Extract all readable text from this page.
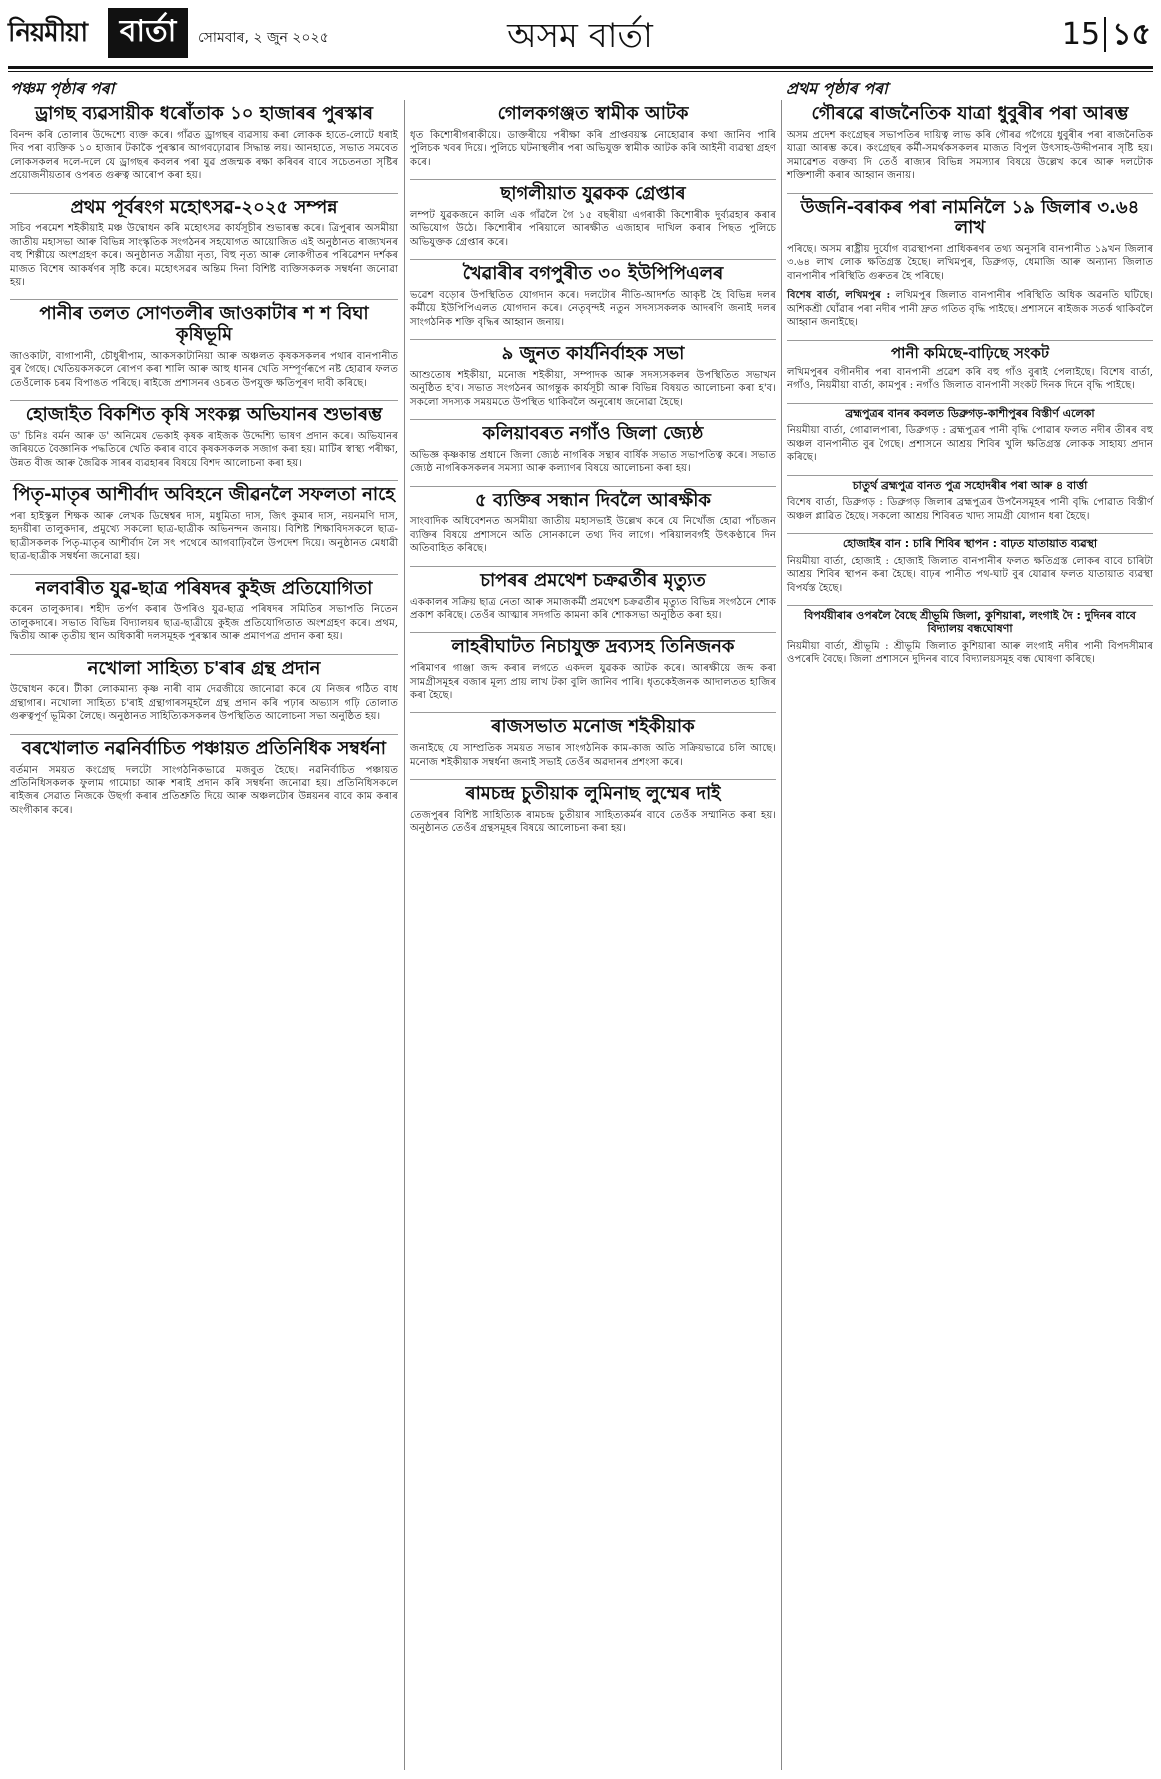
নিয়মীয়া	বাৰ্তা	সোমবাৰ, ২ জুন ২০২৫	অসম বাৰ্তা	15 ১৫
পঞ্চম পৃষ্ঠাৰ পৰা	প্ৰথম পৃষ্ঠাৰ পৰা
ড্ৰাগছ ব্যৱসায়ীক ধৰোঁতাক ১০ হাজাৰৰ পুৰস্কাৰ

বিনন্দ কৰি তোলাৰ উদ্দেশ্যে ব্যক্ত কৰে। গাঁৱত ড্ৰাগছৰ ব্যৱসায় কৰা লোকক হাতে-লোটে ধৰাই দিব পৰা ব্যক্তিক ১০ হাজাৰ টকাকৈ পুৰস্কাৰ আগবঢ়োৱাৰ সিদ্ধান্ত লয়। আনহাতে, সভাত সমবেত লোকসকলৰ দলে-দলে যে ড্ৰাগছৰ কবলৰ পৰা যুৱ প্ৰজন্মক ৰক্ষা কৰিবৰ বাবে সচেতনতা সৃষ্টিৰ প্ৰয়োজনীয়তাৰ ওপৰত গুৰুত্ব আৰোপ কৰা হয়।

প্ৰথম পূৰ্বৰংগ মহোৎসৱ-২০২৫ সম্পন্ন

সচিব পৰমেশ শইকীয়াই মঞ্চ উদ্বোধন কৰি মহোৎসৱ কাৰ্যসূচীৰ শুভাৰম্ভ কৰে। ত্ৰিপুৰাৰ অসমীয়া জাতীয় মহাসভা আৰু বিভিন্ন সাংস্কৃতিক সংগঠনৰ সহযোগত আয়োজিত এই অনুষ্ঠানত ৰাজ্যখনৰ বহু শিল্পীয়ে অংশগ্ৰহণ কৰে। অনুষ্ঠানত সত্ৰীয়া নৃত্য, বিহু নৃত্য আৰু লোকগীতৰ পৰিৱেশন দৰ্শকৰ মাজত বিশেষ আকৰ্ষণৰ সৃষ্টি কৰে। মহোৎসৱৰ অন্তিম দিনা বিশিষ্ট ব্যক্তিসকলক সম্বৰ্ধনা জনোৱা হয়।

পানীৰ তলত সোণতলীৰ জাওকাটাৰ শ শ বিঘা কৃষিভূমি

জাওকাটা, বাগাপানী, চৌধুৰীপাম, আকসকাটানিয়া আৰু অঞ্চলত কৃষকসকলৰ পথাৰ বানপানীত বুৰ গৈছে। খেতিয়কসকলে ৰোপণ কৰা শালি আৰু আহু ধানৰ খেতি সম্পূৰ্ণৰূপে নষ্ট হোৱাৰ ফলত তেওঁলোক চৰম বিপাঙত পৰিছে। ৰাইজে প্ৰশাসনৰ ওচৰত উপযুক্ত ক্ষতিপূৰণ দাবী কৰিছে।

হোজাইত বিকশিত কৃষি সংকল্প অভিযানৰ শুভাৰম্ভ

ড' চিনিঃ বৰ্মন আৰু ড' অনিমেষ ভেকাই কৃষক ৰাইজক উদ্দেশ্যি ভাষণ প্ৰদান কৰে। অভিযানৰ জৰিয়তে বৈজ্ঞানিক পদ্ধতিৰে খেতি কৰাৰ বাবে কৃষকসকলক সজাগ কৰা হয়। মাটিৰ স্বাস্থ্য পৰীক্ষা, উন্নত বীজ আৰু জৈৱিক সাৰৰ ব্যৱহাৰৰ বিষয়ে বিশদ আলোচনা কৰা হয়।

পিতৃ-মাতৃৰ আশীৰ্বাদ অবিহনে জীৱনলৈ সফলতা নাহে

পৰা হাইস্কুল শিক্ষক আৰু লেখক ডিম্বেশ্বৰ দাস, মধুমিতা দাস, জিৎ কুমাৰ দাস, নয়নমণি দাস, হৃদয়ীৰা তালুকদাৰ, প্ৰমুখ্যে সকলো ছাত্ৰ-ছাত্ৰীক অভিনন্দন জনায়। বিশিষ্ট শিক্ষাবিদসকলে ছাত্ৰ-ছাত্ৰীসকলক পিতৃ-মাতৃৰ আশীৰ্বাদ লৈ সৎ পথেৰে আগবাঢ়িবলৈ উপদেশ দিয়ে। অনুষ্ঠানত মেধাৱী ছাত্ৰ-ছাত্ৰীক সম্বৰ্ধনা জনোৱা হয়।

নলবাৰীত যুৱ-ছাত্ৰ পৰিষদৰ কুইজ প্ৰতিযোগিতা

কৰেন তালুকদাৰ। শহীদ তৰ্পণ কৰাৰ উপৰিও যুৱ-ছাত্ৰ পৰিষদৰ সমিতিৰ সভাপতি নিতেন তালুকদাৰে। সভাত বিভিন্ন বিদ্যালয়ৰ ছাত্ৰ-ছাত্ৰীয়ে কুইজ প্ৰতিযোগিতাত অংশগ্ৰহণ কৰে। প্ৰথম, দ্বিতীয় আৰু তৃতীয় স্থান অধিকাৰী দলসমূহক পুৰস্কাৰ আৰু প্ৰমাণপত্ৰ প্ৰদান কৰা হয়।

নখোলা সাহিত্য চ'ৰাৰ গ্ৰন্থ প্ৰদান

উদ্বোধন কৰে। টীকা লোকমান্য কৃষ্ণ নাৰী বাম দেৱজীয়ে জানোৱা কৰে যে নিজৰ গঠিত বাধ গ্ৰন্থাগাৰ। নখোলা সাহিত্য চ'ৰাই গ্ৰন্থাগাৰসমূহলৈ গ্ৰন্থ প্ৰদান কৰি পঢ়াৰ অভ্যাস গঢ়ি তোলাত গুৰুত্বপূৰ্ণ ভূমিকা লৈছে। অনুষ্ঠানত সাহিত্যিকসকলৰ উপস্থিতিত আলোচনা সভা অনুষ্ঠিত হয়।

বৰখোলাত নৱনিৰ্বাচিত পঞ্চায়ত প্ৰতিনিধিক সম্বৰ্ধনা

বৰ্তমান সময়ত কংগ্ৰেছ দলটো সাংগঠনিকভাৱে মজবুত হৈছে। নৱনিৰ্বাচিত পঞ্চায়ত প্ৰতিনিধিসকলক ফুলাম গামোচা আৰু শৰাই প্ৰদান কৰি সম্বৰ্ধনা জনোৱা হয়। প্ৰতিনিধিসকলে ৰাইজৰ সেৱাত নিজকে উছৰ্গা কৰাৰ প্ৰতিশ্ৰুতি দিয়ে আৰু অঞ্চলটোৰ উন্নয়নৰ বাবে কাম কৰাৰ অংগীকাৰ কৰে।

গোলকগঞ্জত স্বামীক আটক

ধৃত কিশোৰীগৰাকীয়ে। ডাক্তৰীয়ে পৰীক্ষা কৰি প্ৰাপ্তবয়স্ক নোহোৱাৰ কথা জানিব পাৰি পুলিচক খবৰ দিয়ে। পুলিচে ঘটনাস্থলীৰ পৰা অভিযুক্ত স্বামীক আটক কৰি আইনী ব্যৱস্থা গ্ৰহণ কৰে।

ছাগলীয়াত যুৱকক গ্ৰেপ্তাৰ

লম্পট যুৱকজনে কালি এক গাঁৱলৈ গৈ ১৫ বছৰীয়া এগৰাকী কিশোৰীক দুৰ্ব্যৱহাৰ কৰাৰ অভিযোগ উঠে। কিশোৰীৰ পৰিয়ালে আৰক্ষীত এজাহাৰ দাখিল কৰাৰ পিছত পুলিচে অভিযুক্তক গ্ৰেপ্তাৰ কৰে।

খৈৱাৰীৰ বগপুৰীত ৩০ ইউপিপিএলৰ

ভৱেশ বড়োৰ উপস্থিতিত যোগদান কৰে। দলটোৰ নীতি-আদৰ্শত আকৃষ্ট হৈ বিভিন্ন দলৰ কৰ্মীয়ে ইউপিপিএলত যোগদান কৰে। নেতৃবৃন্দই নতুন সদস্যসকলক আদৰণি জনাই দলৰ সাংগঠনিক শক্তি বৃদ্ধিৰ আহ্বান জনায়।

৯ জুনত কাৰ্যনিৰ্বাহক সভা

আশুতোষ শইকীয়া, মনোজ শইকীয়া, সম্পাদক আৰু সদস্যসকলৰ উপস্থিতিত সভাখন অনুষ্ঠিত হ'ব। সভাত সংগঠনৰ আগন্তুক কাৰ্যসূচী আৰু বিভিন্ন বিষয়ত আলোচনা কৰা হ'ব। সকলো সদস্যক সময়মতে উপস্থিত থাকিবলৈ অনুৰোধ জনোৱা হৈছে।

কলিয়াবৰত নগাঁও জিলা জ্যেষ্ঠ

অভিজ্ঞ কৃষ্ণকান্ত প্ৰধানে জিলা জ্যেষ্ঠ নাগৰিক সন্থাৰ বাৰ্ষিক সভাত সভাপতিত্ব কৰে। সভাত জ্যেষ্ঠ নাগৰিকসকলৰ সমস্যা আৰু কল্যাণৰ বিষয়ে আলোচনা কৰা হয়।

৫ ব্যক্তিৰ সন্ধান দিবলৈ আৰক্ষীক

সাংবাদিক অধিবেশনত অসমীয়া জাতীয় মহাসভাই উল্লেখ কৰে যে নিখোঁজ হোৱা পাঁচজন ব্যক্তিৰ বিষয়ে প্ৰশাসনে অতি সোনকালে তথ্য দিব লাগে। পৰিয়ালবৰ্গই উৎকণ্ঠাৰে দিন অতিবাহিত কৰিছে।

চাপৰৰ প্ৰমথেশ চক্ৰৱৰ্তীৰ মৃত্যুত

এককালৰ সক্ৰিয় ছাত্ৰ নেতা আৰু সমাজকৰ্মী প্ৰমথেশ চক্ৰৱৰ্তীৰ মৃত্যুত বিভিন্ন সংগঠনে শোক প্ৰকাশ কৰিছে। তেওঁৰ আত্মাৰ সদগতি কামনা কৰি শোকসভা অনুষ্ঠিত কৰা হয়।

লাহৰীঘাটত নিচাযুক্ত দ্ৰব্যসহ তিনিজনক

পৰিমাণৰ গাঞ্জা জব্দ কৰাৰ লগতে একদল যুৱকক আটক কৰে। আৰক্ষীয়ে জব্দ কৰা সামগ্ৰীসমূহৰ বজাৰ মূল্য প্ৰায় লাখ টকা বুলি জানিব পাৰি। ধৃতকেইজনক আদালতত হাজিৰ কৰা হৈছে।

ৰাজসভাত মনোজ শইকীয়াক

জনাইছে যে সাম্প্ৰতিক সময়ত সভাৰ সাংগঠনিক কাম-কাজ অতি সক্ৰিয়ভাৱে চলি আছে। মনোজ শইকীয়াক সম্বৰ্ধনা জনাই সভাই তেওঁৰ অৱদানৰ প্ৰশংসা কৰে।

ৰামচন্দ্ৰ চুতীয়াক লুমিনাছ লুম্মেৰ দাই

তেজপুৰৰ বিশিষ্ট সাহিত্যিক ৰামচন্দ্ৰ চুতীয়াৰ সাহিত্যকৰ্মৰ বাবে তেওঁক সম্মানিত কৰা হয়। অনুষ্ঠানত তেওঁৰ গ্ৰন্থসমূহৰ বিষয়ে আলোচনা কৰা হয়।

গৌৰৱে ৰাজনৈতিক যাত্ৰা ধুবুৰীৰ পৰা আৰম্ভ

অসম প্ৰদেশ কংগ্ৰেছৰ সভাপতিৰ দায়িত্ব লাভ কৰি গৌৰৱ গগৈয়ে ধুবুৰীৰ পৰা ৰাজনৈতিক যাত্ৰা আৰম্ভ কৰে। কংগ্ৰেছৰ কৰ্মী-সমৰ্থকসকলৰ মাজত বিপুল উৎসাহ-উদ্দীপনাৰ সৃষ্টি হয়। সমাৱেশত বক্তব্য দি তেওঁ ৰাজ্যৰ বিভিন্ন সমস্যাৰ বিষয়ে উল্লেখ কৰে আৰু দলটোক শক্তিশালী কৰাৰ আহ্বান জনায়।

উজনি-বৰাকৰ পৰা নামনিলৈ ১৯ জিলাৰ ৩.৬৪ লাখ

পৰিছে। অসম ৰাষ্ট্ৰীয় দুৰ্যোগ ব্যৱস্থাপনা প্ৰাধিকৰণৰ তথ্য অনুসৰি বানপানীত ১৯খন জিলাৰ ৩.৬৪ লাখ লোক ক্ষতিগ্ৰস্ত হৈছে। লখিমপুৰ, ডিব্ৰুগড়, ধেমাজি আৰু অন্যান্য জিলাত বানপানীৰ পৰিস্থিতি গুৰুতৰ হৈ পৰিছে।

বিশেষ বাৰ্তা, লখিমপুৰ : লখিমপুৰ জিলাত বানপানীৰ পৰিস্থিতি অধিক অৱনতি ঘটিছে। অশিকশ্ৰী ঘোঁৱাৰ পৰা নদীৰ পানী দ্ৰুত গতিত বৃদ্ধি পাইছে। প্ৰশাসনে ৰাইজক সতৰ্ক থাকিবলৈ আহ্বান জনাইছে।

পানী কমিছে-বাঢ়িছে সংকট

লখিমপুৰৰ বগীনদীৰ পৰা বানপানী প্ৰৱেশ কৰি বহু গাঁও বুৰাই পেলাইছে। বিশেষ বাৰ্তা, নগাঁও, নিয়মীয়া বাৰ্তা, কামপুৰ : নগাঁও জিলাত বানপানী সংকট দিনক দিনে বৃদ্ধি পাইছে।

ব্ৰহ্মপুত্ৰৰ বানৰ কবলত ডিব্ৰুগড়-কাশীপুৰৰ বিস্তীৰ্ণ এলেকা

নিয়মীয়া বাৰ্তা, গোৱালপাৰা, ডিব্ৰুগড় : ব্ৰহ্মপুত্ৰৰ পানী বৃদ্ধি পোৱাৰ ফলত নদীৰ তীৰৰ বহু অঞ্চল বানপানীত বুৰ গৈছে। প্ৰশাসনে আশ্ৰয় শিবিৰ খুলি ক্ষতিগ্ৰস্ত লোকক সাহায্য প্ৰদান কৰিছে।

চাতুৰ্থ ব্ৰহ্মপুত্ৰ বানত পুত্ৰ সহোদৰীৰ পৰা আৰু ৪ বাৰ্ত্তা

বিশেষ বাৰ্তা, ডিব্ৰুগড় : ডিব্ৰুগড় জিলাৰ ব্ৰহ্মপুত্ৰৰ উপনৈসমূহৰ পানী বৃদ্ধি পোৱাত বিস্তীৰ্ণ অঞ্চল প্লাৱিত হৈছে। সকলো আশ্ৰয় শিবিৰত খাদ্য সামগ্ৰী যোগান ধৰা হৈছে।

হোজাইৰ বান : চাৰি শিবিৰ স্থাপন : বাঢ়ত যাতায়াত ব্যৱস্থা

নিয়মীয়া বাৰ্তা, হোজাই : হোজাই জিলাত বানপানীৰ ফলত ক্ষতিগ্ৰস্ত লোকৰ বাবে চাৰিটা আশ্ৰয় শিবিৰ স্থাপন কৰা হৈছে। বাঢ়ৰ পানীত পথ-ঘাট বুৰ যোৱাৰ ফলত যাতায়াত ব্যৱস্থা বিপৰ্যস্ত হৈছে।

বিপৰ্যয়ীৰাৰ ওপৰলৈ বৈছে শ্ৰীভূমি জিলা, কুশিয়াৰা, লংগাই দৈ : দুদিনৰ বাবে বিদ্যালয় বন্ধঘোষণা

নিয়মীয়া বাৰ্তা, শ্ৰীভূমি : শ্ৰীভূমি জিলাত কুশিয়াৰা আৰু লংগাই নদীৰ পানী বিপদসীমাৰ ওপৰেদি বৈছে। জিলা প্ৰশাসনে দুদিনৰ বাবে বিদ্যালয়সমূহ বন্ধ ঘোষণা কৰিছে।
